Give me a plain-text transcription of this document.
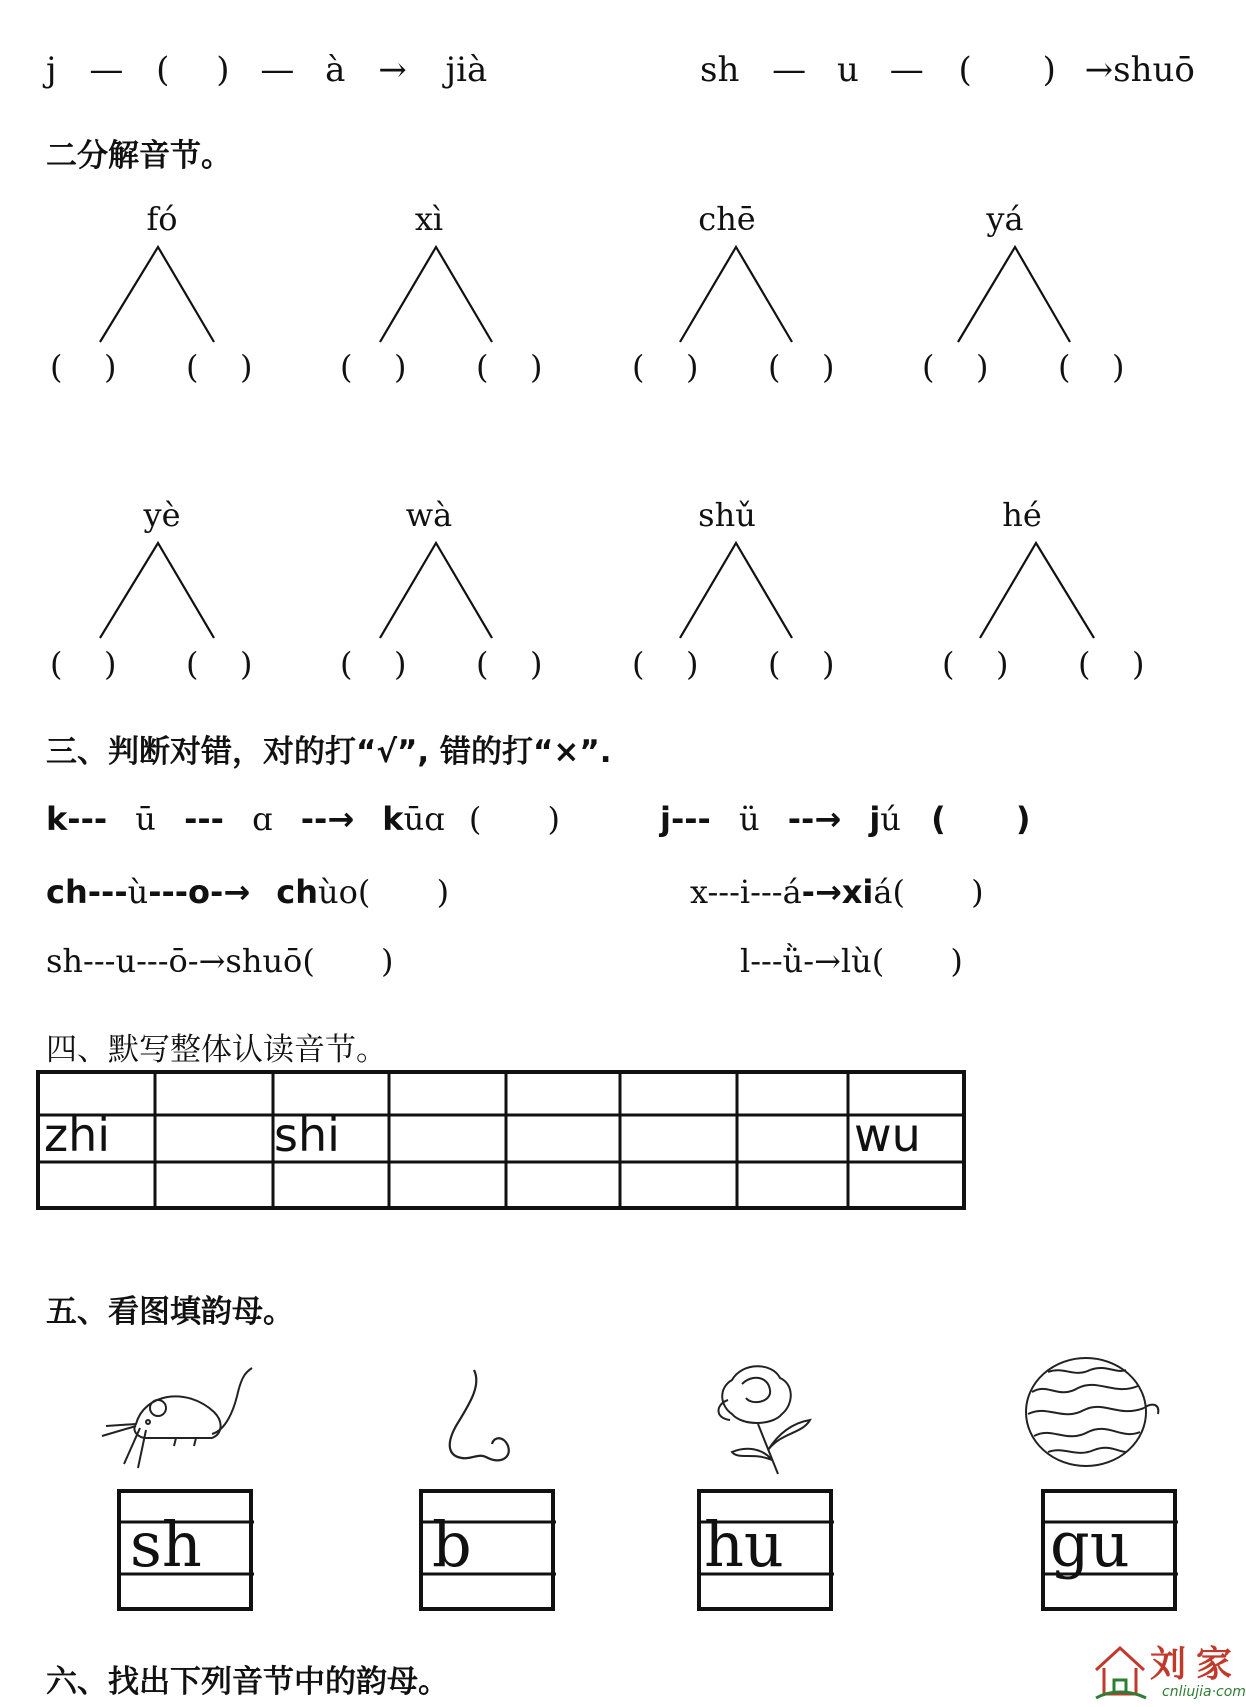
j — ( ) — à → jià	sh — u — ( ) →shuō
二分解音节。
fó	xì	chē	yá
yè	wà	shǔ	hé
( ) ( )	( ) ( )	( ) ( )	( ) ( )
( ) ( )	( ) ( )	( ) ( )	( ) ( )
三、判断对错，对的打“√”, 错的打“×”.
k--- ū --- ɑ --→ kūɑ ( )	j--- ü --→ jú ( )
ch---ù---o-→ chùo( )	x---i---á-→xiá( )
sh---u---ō-→shuō( )	l---ǜ-→lù( )
四、默写整体认读音节。
zhi	shi	wu
五、看图填韵母。
sh	b	hu	gu
六、找出下列音节中的韵母。	刘家
cnliujia·com
